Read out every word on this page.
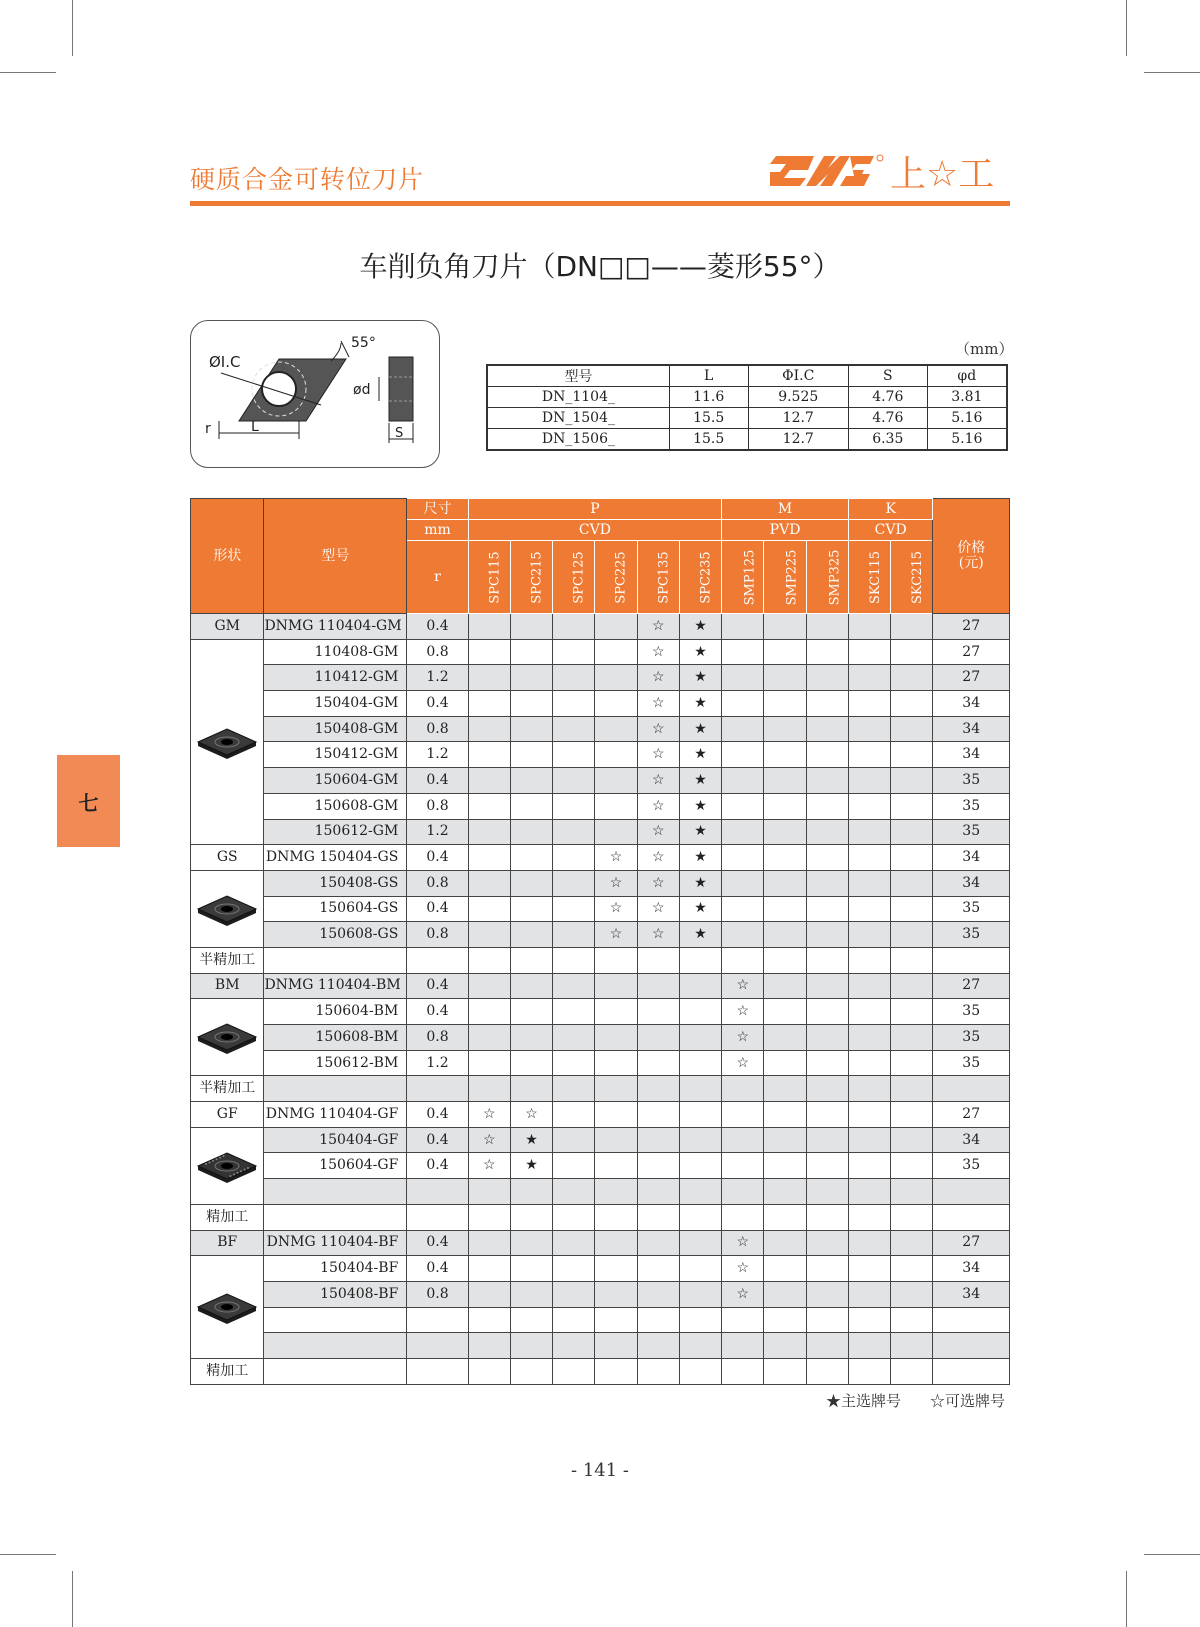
硬质合金可转位刀片	上☆工
车削负角刀片（DN□□——菱形55°）
ØI.C
55°
ød
r	L	S
（mm）
型号	L	ΦI.C	S	φd
DN_1104_	11.6	9.525	4.76	3.81
DN_1504_	15.5	12.7	4.76	5.16
DN_1506_	15.5	12.7	6.35	5.16
形状	型号	尺寸	P						M			K		价格(元)
		mm	CVD						PVD			CVD		
		r	SPC115	SPC215	SPC125	SPC225	SPC135	SPC235	SMP125	SMP225	SMP325	SKC115	SKC215	
GM	DNMG 110404-GM	0.4					☆	★						27

	110408-GM	0.8					☆	★						27
	110412-GM	1.2					☆	★						27
	150404-GM	0.4					☆	★						34
	150408-GM	0.8					☆	★						34
	150412-GM	1.2					☆	★						34
	150604-GM	0.4					☆	★						35
	150608-GM	0.8					☆	★						35
	150612-GM	1.2					☆	★						35
GS	DNMG 150404-GS	0.4				☆	☆	★						34

	150408-GS	0.8				☆	☆	★						34
	150604-GS	0.4				☆	☆	★						35
	150608-GS	0.8				☆	☆	★						35
半精加工														
BM	DNMG 110404-BM	0.4							☆					27

	150604-BM	0.4							☆					35
	150608-BM	0.8							☆					35
	150612-BM	1.2							☆					35
半精加工														
GF	DNMG 110404-GF	0.4	☆	☆										27

	150404-GF	0.4	☆	★										34
	150604-GF	0.4	☆	★										35

精加工														
BF	DNMG 110404-BF	0.4							☆					27

	150404-BF	0.4							☆					34
	150408-BF	0.8							☆					34

精加工														
★主选牌号 ☆可选牌号
七
- 141 -
